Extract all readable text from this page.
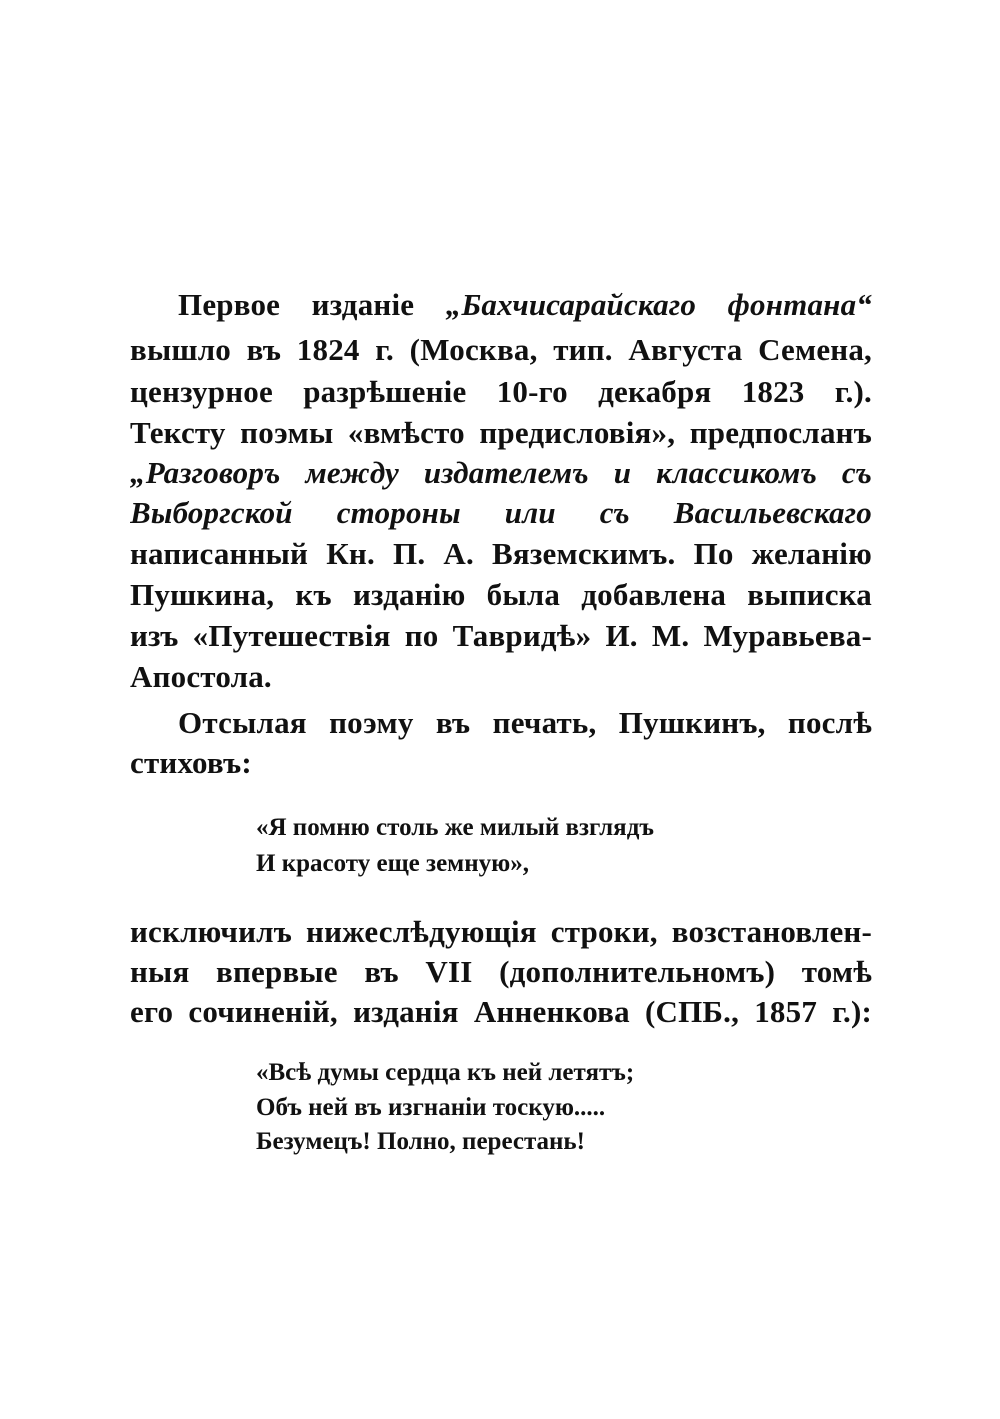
Первое изданіе „Бахчисарайскаго фонтана“
вышло въ 1824 г. (Москва, тип. Августа Семена,
цензурное разрѣшеніе 10-го декабря 1823 г.).
Тексту поэмы «вмѣсто предисловія», предпосланъ
„Разговоръ между издателемъ и классикомъ съ
Выборгской стороны или съ Васильевскаго
написанный Кн. П. А. Вяземскимъ. По желанію
Пушкина, къ изданію была добавлена выписка
изъ «Путешествія по Тавридѣ» И. М. Муравьева-
Апостола.
Отсылая поэму въ печать, Пушкинъ, послѣ
стиховъ:
«Я помню столь же милый взглядъ
И красоту еще земную»,
исключилъ нижеслѣдующія строки, возстановлен-
ныя впервые въ VII (дополнительномъ) томѣ
его сочиненій, изданія Анненкова (СПБ., 1857 г.):
«Всѣ думы сердца къ ней летятъ;
Объ ней въ изгнаніи тоскую.....
Безумецъ! Полно, перестань!
